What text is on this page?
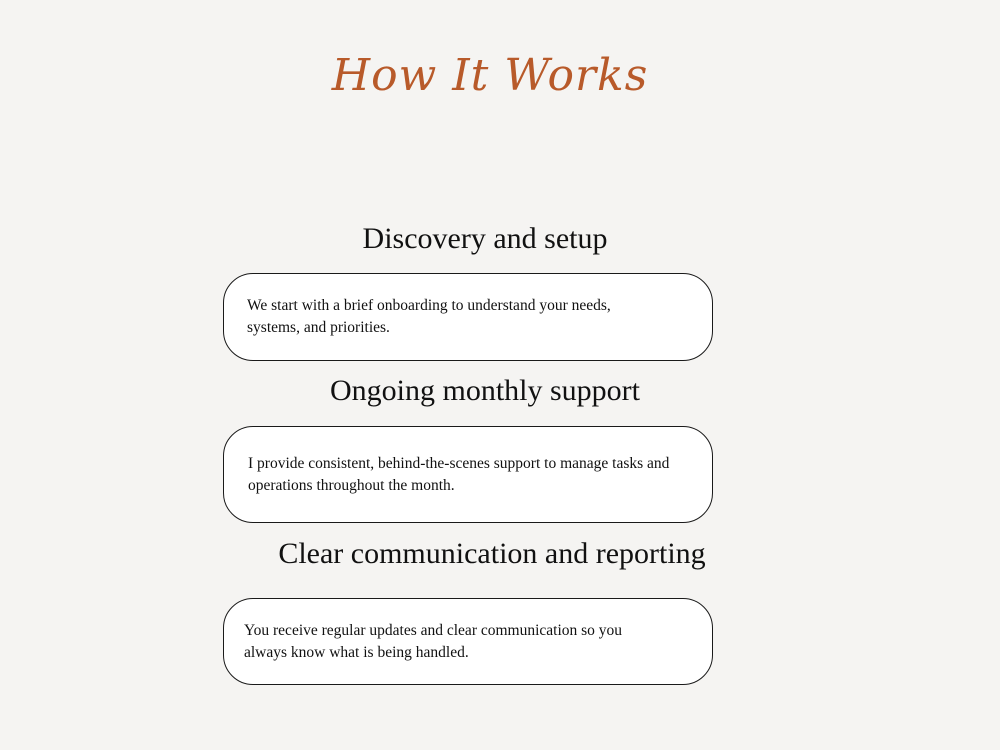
How It Works
Discovery and setup
We start with a brief onboarding to understand your needs, systems, and priorities.
Ongoing monthly support
I provide consistent, behind-the-scenes support to manage tasks and operations throughout the month.
Clear communication and reporting
You receive regular updates and clear communication so you always know what is being handled.
